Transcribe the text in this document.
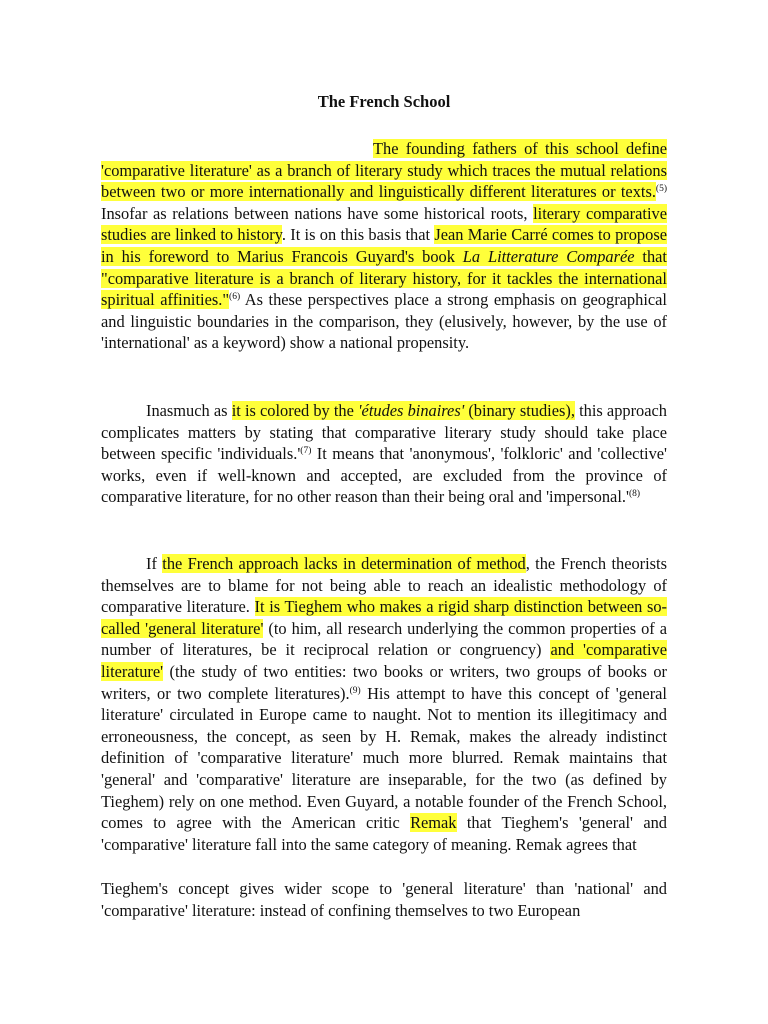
The French School

The founding fathers of this school define 'comparative literature' as a branch of literary study which traces the mutual relations between two or more internationally and linguistically different literatures or texts.$^{(5)}$ Insofar as relations between nations have some historical roots, literary comparative studies are linked to history. It is on this basis that Jean Marie Carré comes to propose in his foreword to Marius Francois Guyard's book La Litterature Comparée that "comparative literature is a branch of literary history, for it tackles the international spiritual affinities."$^{(6)}$ As these perspectives place a strong emphasis on geographical and linguistic boundaries in the comparison, they (elusively, however, by the use of 'international' as a keyword) show a national propensity.

Inasmuch as it is colored by the 'études binaires' (binary studies), this approach complicates matters by stating that comparative literary study should take place between specific '$individuals.'^{(7)}$ It means that 'anonymous', 'folkloric' and 'collective' works, even if well-known and accepted, are excluded from the province of comparative literature, for no other reason than their being oral and '$impersonal.'^{(8)}$

If the French approach lacks in determination of method, the French theorists themselves are to blame for not being able to reach an idealistic methodology of comparative literature. It is Tieghem who makes a rigid sharp distinction between so-called 'general literature' (to him, all research underlying the common properties of a number of literatures, be it reciprocal relation or congruency) and 'comparative literature' (the study of two entities: two books or writers, two groups of books or writers, or two complete literatures).$^{(9)}$ His attempt to have this concept of 'general literature' circulated in Europe came to naught. Not to mention its illegitimacy and erroneousness, the concept, as seen by H. Remak, makes the already indistinct definition of 'comparative literature' much more blurred. Remak maintains that 'general' and 'comparative' literature are inseparable, for the two (as defined by Tieghem) rely on one method. Even Guyard, a notable founder of the French School, comes to agree with the American critic Remak that Tieghem's 'general' and 'comparative' literature fall into the same category of meaning. Remak agrees that

Tieghem's concept gives wider scope to 'general literature' than 'national' and 'comparative' literature: instead of confining themselves to two European
